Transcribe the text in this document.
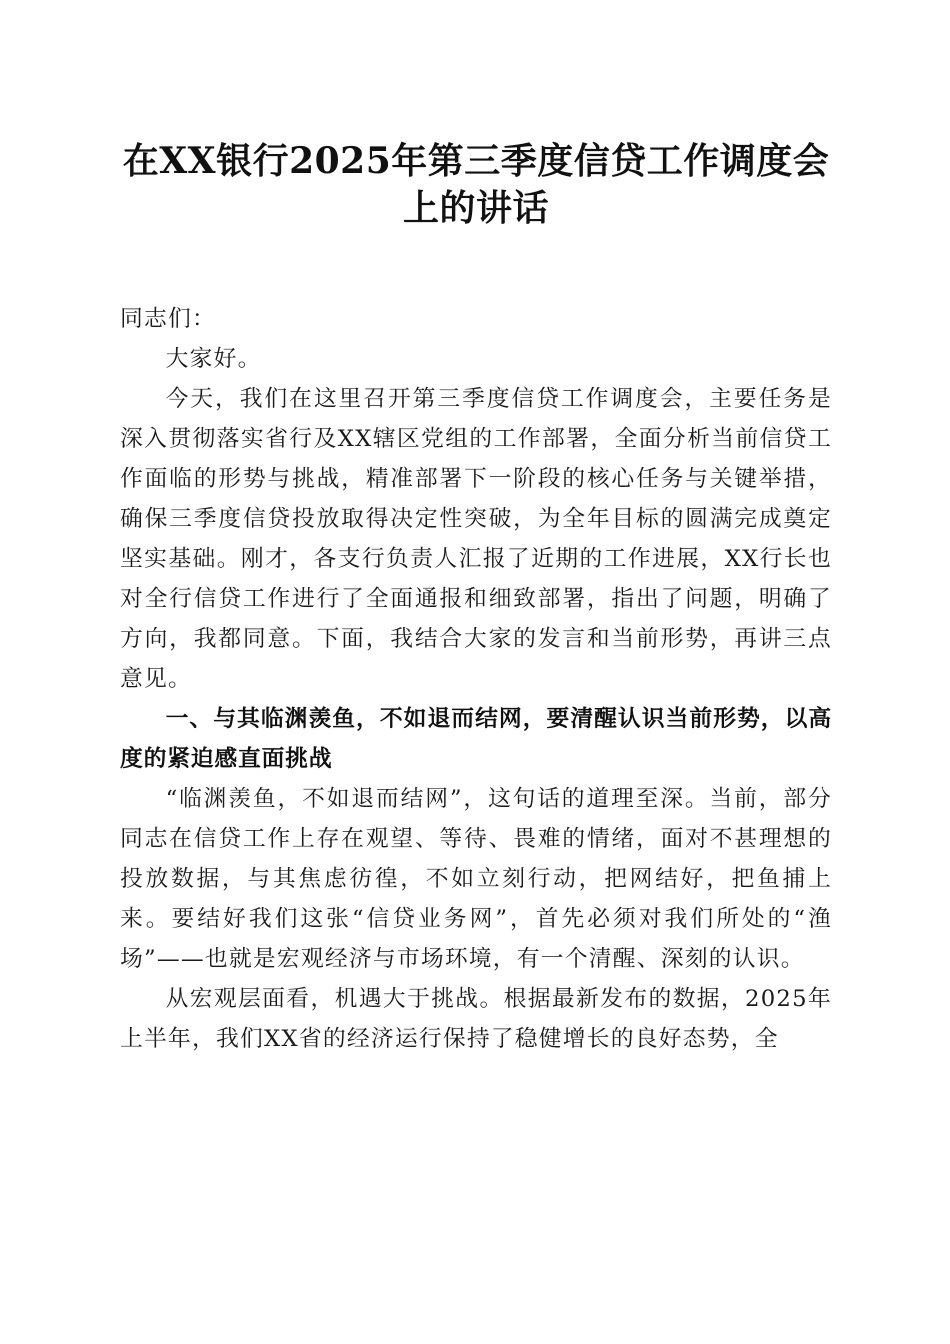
在XX银行2025年第三季度信贷工作调度会
上的讲话

同志们：

大家好。

今天，我们在这里召开第三季度信贷工作调度会，主要任务是深入贯彻落实省行及XX辖区党组的工作部署，全面分析当前信贷工作面临的形势与挑战，精准部署下一阶段的核心任务与关键举措，确保三季度信贷投放取得决定性突破，为全年目标的圆满完成奠定坚实基础。刚才，各支行负责人汇报了近期的工作进展，XX行长也对全行信贷工作进行了全面通报和细致部署，指出了问题，明确了方向，我都同意。下面，我结合大家的发言和当前形势，再讲三点意见。

一、与其临渊羡鱼，不如退而结网，要清醒认识当前形势，以高度的紧迫感直面挑战

“临渊羡鱼，不如退而结网”，这句话的道理至深。当前，部分同志在信贷工作上存在观望、等待、畏难的情绪，面对不甚理想的投放数据，与其焦虑彷徨，不如立刻行动，把网结好，把鱼捕上来。要结好我们这张“信贷业务网”，首先必须对我们所处的“渔场”——也就是宏观经济与市场环境，有一个清醒、深刻的认识。

从宏观层面看，机遇大于挑战。根据最新发布的数据，2025年上半年，我们XX省的经济运行保持了稳健增长的良好态势，全
